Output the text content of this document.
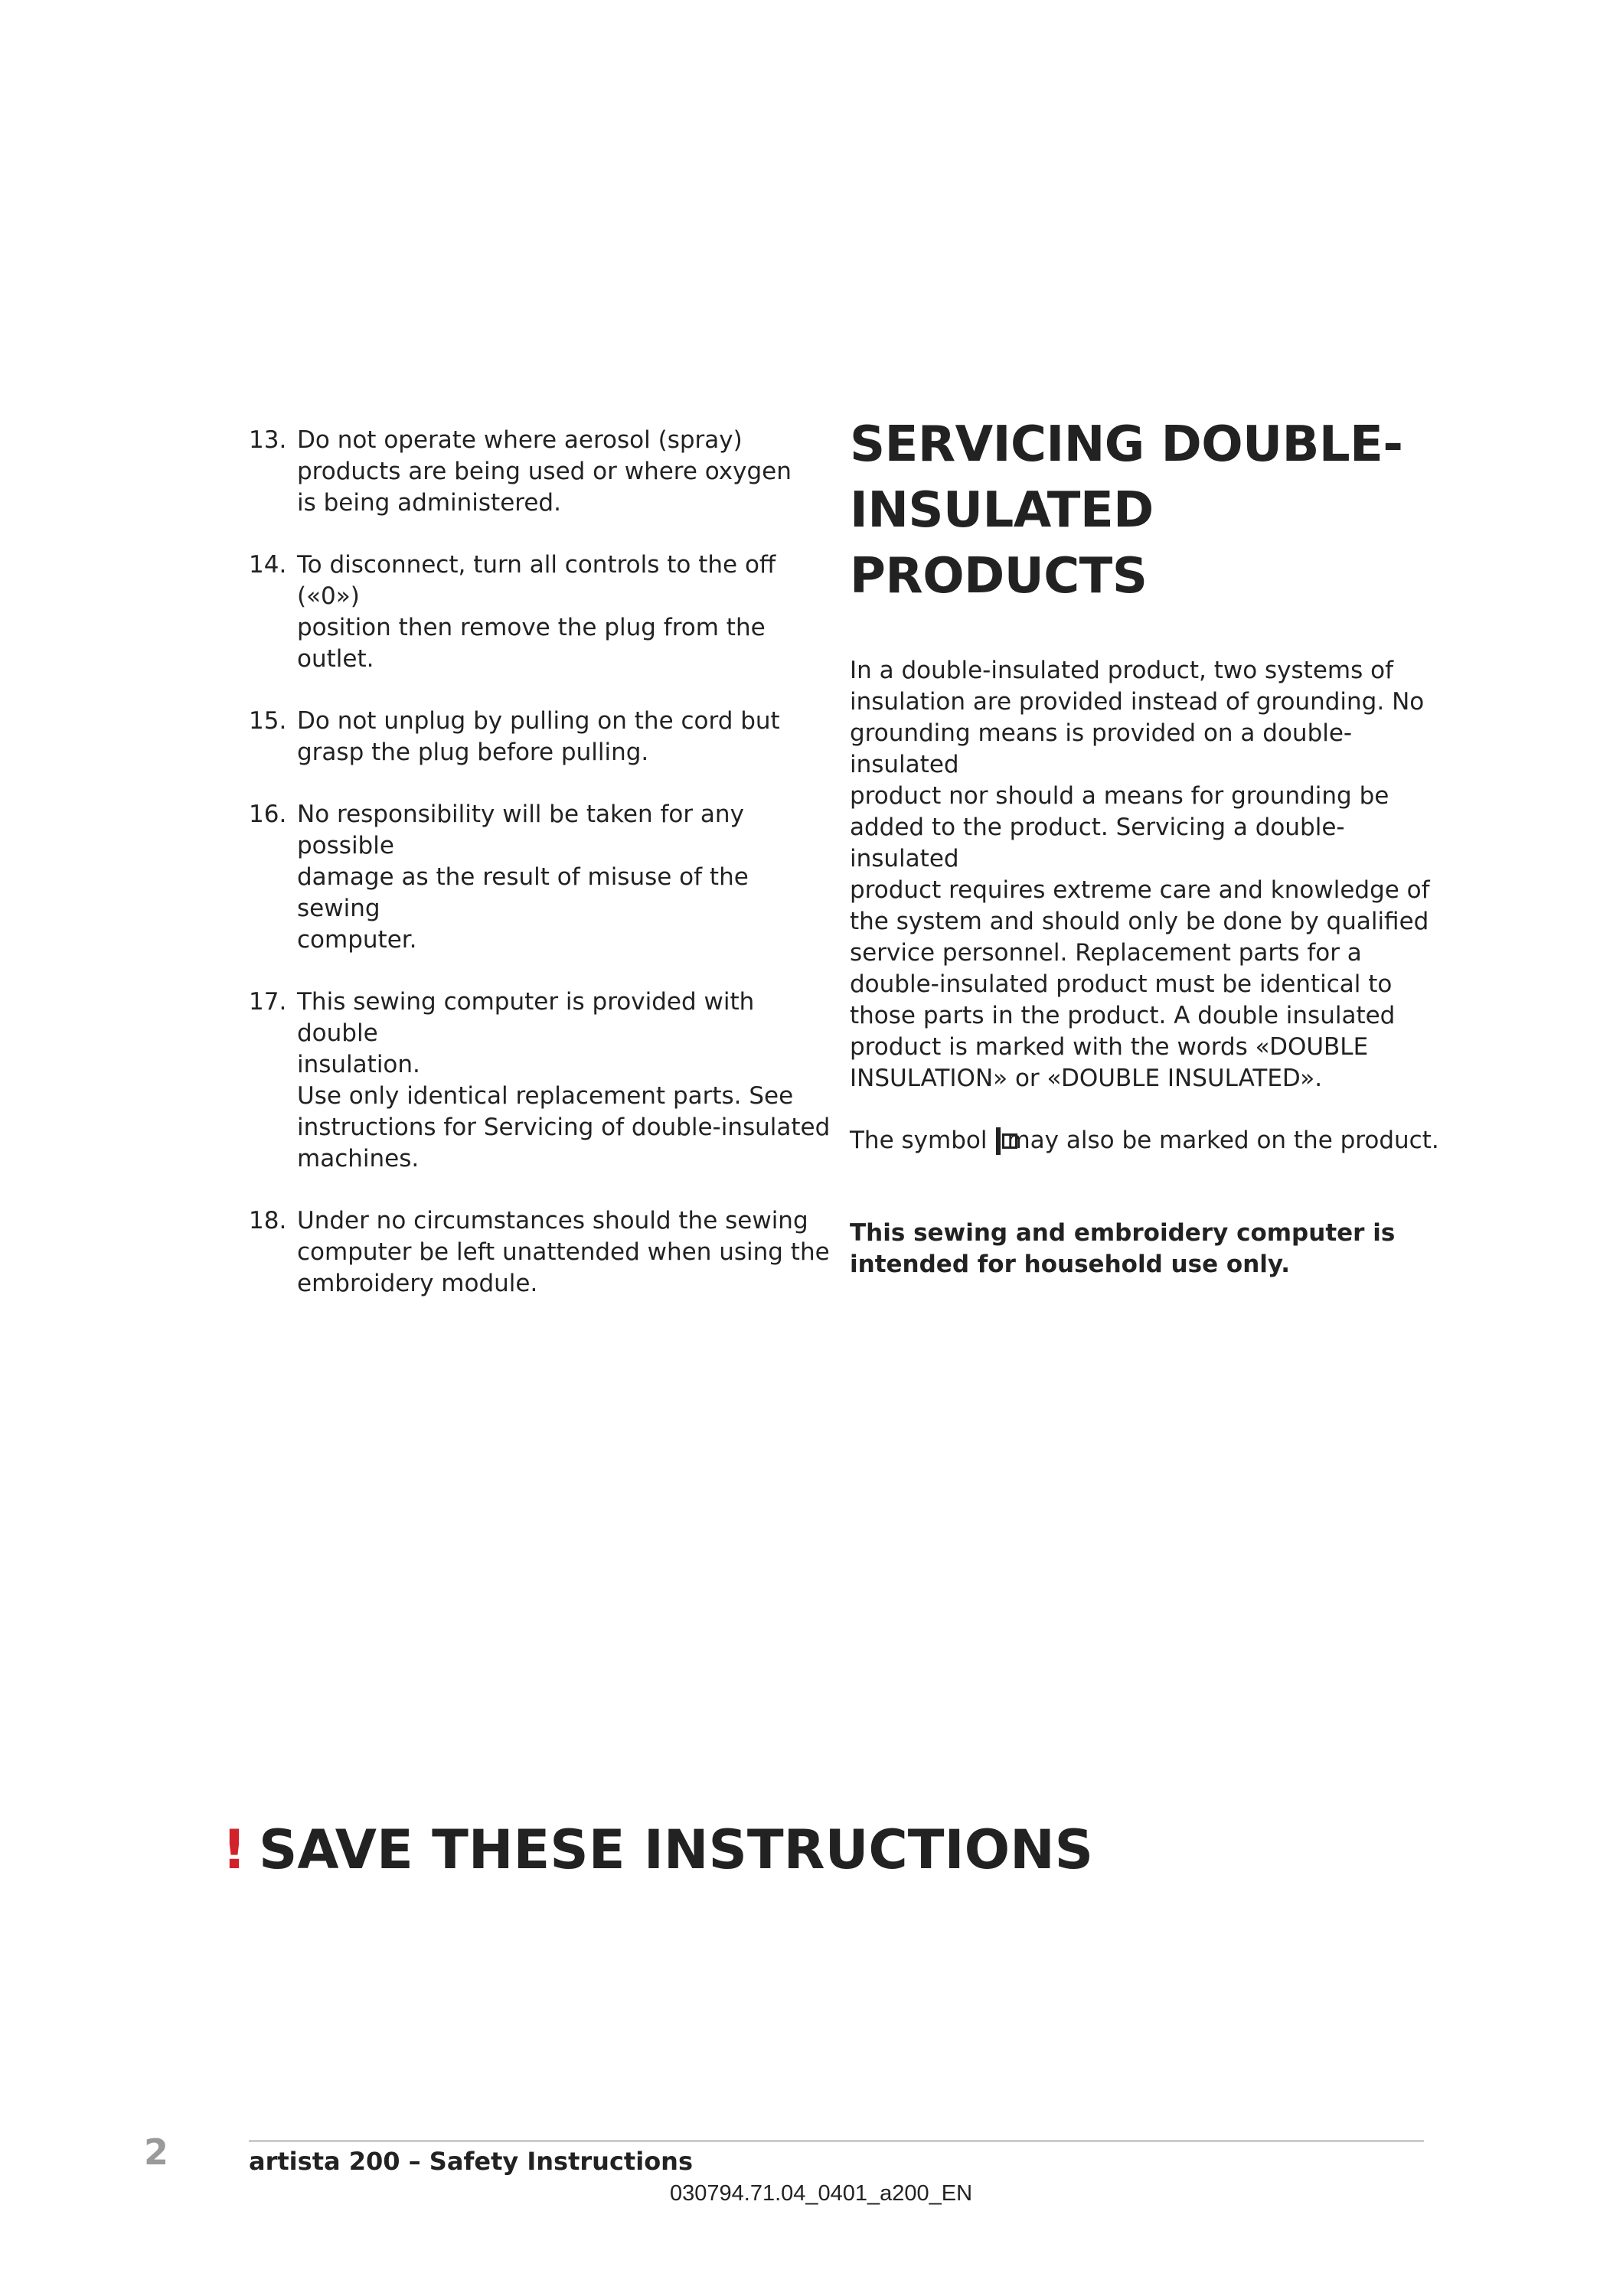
13. Do not operate where aerosol (spray)
products are being used or where oxygen
is being administered.
14. To disconnect, turn all controls to the off («0»)
position then remove the plug from the outlet.
15. Do not unplug by pulling on the cord but
grasp the plug before pulling.
16. No responsibility will be taken for any possible
damage as the result of misuse of the sewing
computer.
17. This sewing computer is provided with double
insulation.
Use only identical replacement parts. See
instructions for Servicing of double-insulated
machines.
18. Under no circumstances should the sewing
computer be left unattended when using the
embroidery module.
SERVICING DOUBLE-
INSULATED PRODUCTS
In a double-insulated product, two systems of
insulation are provided instead of grounding. No
grounding means is provided on a double-insulated
product nor should a means for grounding be
added to the product. Servicing a double-insulated
product requires extreme care and knowledge of
the system and should only be done by qualified
service personnel. Replacement parts for a
double-insulated product must be identical to
those parts in the product. A double insulated
product is marked with the words «DOUBLE
INSULATION» or «DOUBLE INSULATED».
The symbol may also be marked on the product.
This sewing and embroidery computer is
intended for household use only.
! SAVE THESE INSTRUCTIONS
2	artista 200 – Safety Instructions
030794.71.04_0401_a200_EN
